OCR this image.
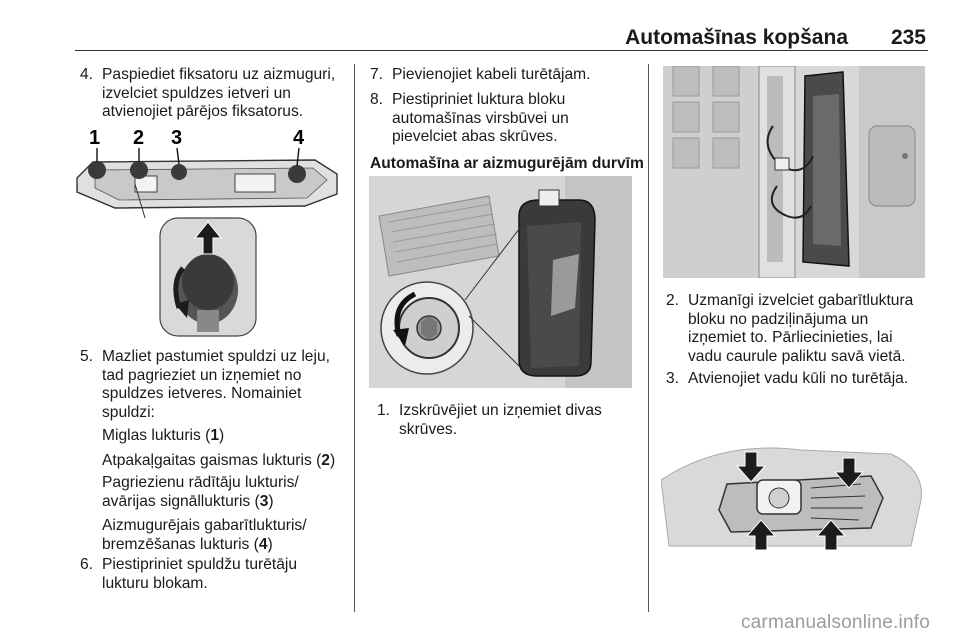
Automašīnas kopšana	235
4. Paspiediet fiksatoru uz aizmuguri, izvelciet spuldzes ietveri un atvienojiet pārējos fiksatorus.
1 2 3	4
5. Mazliet pastumiet spuldzi uz leju, tad pagrieziet un izņemiet no spuldzes ietveres. Nomainiet spuldzi:
Miglas lukturis (1)
Atpakaļgaitas gaismas lukturis (2)
Pagriezienu rādītāju lukturis/ avārijas signāllukturis (3)
Aizmugurējais gabarītlukturis/ bremzēšanas lukturis (4)
6. Piestipriniet spuldžu turētāju lukturu blokam.
7. Pievienojiet kabeli turētājam.
8. Piestipriniet luktura bloku automašīnas virsbūvei un pievelciet abas skrūves.
Automašīna ar aizmugurējām durvīm
1. Izskrūvējiet un izņemiet divas skrūves.
2. Uzmanīgi izvelciet gabarītluktura bloku no padziļinājuma un izņemiet to. Pārliecinieties, lai vadu caurule paliktu savā vietā.
3. Atvienojiet vadu kūli no turētāja.
carmanualsonline.info
